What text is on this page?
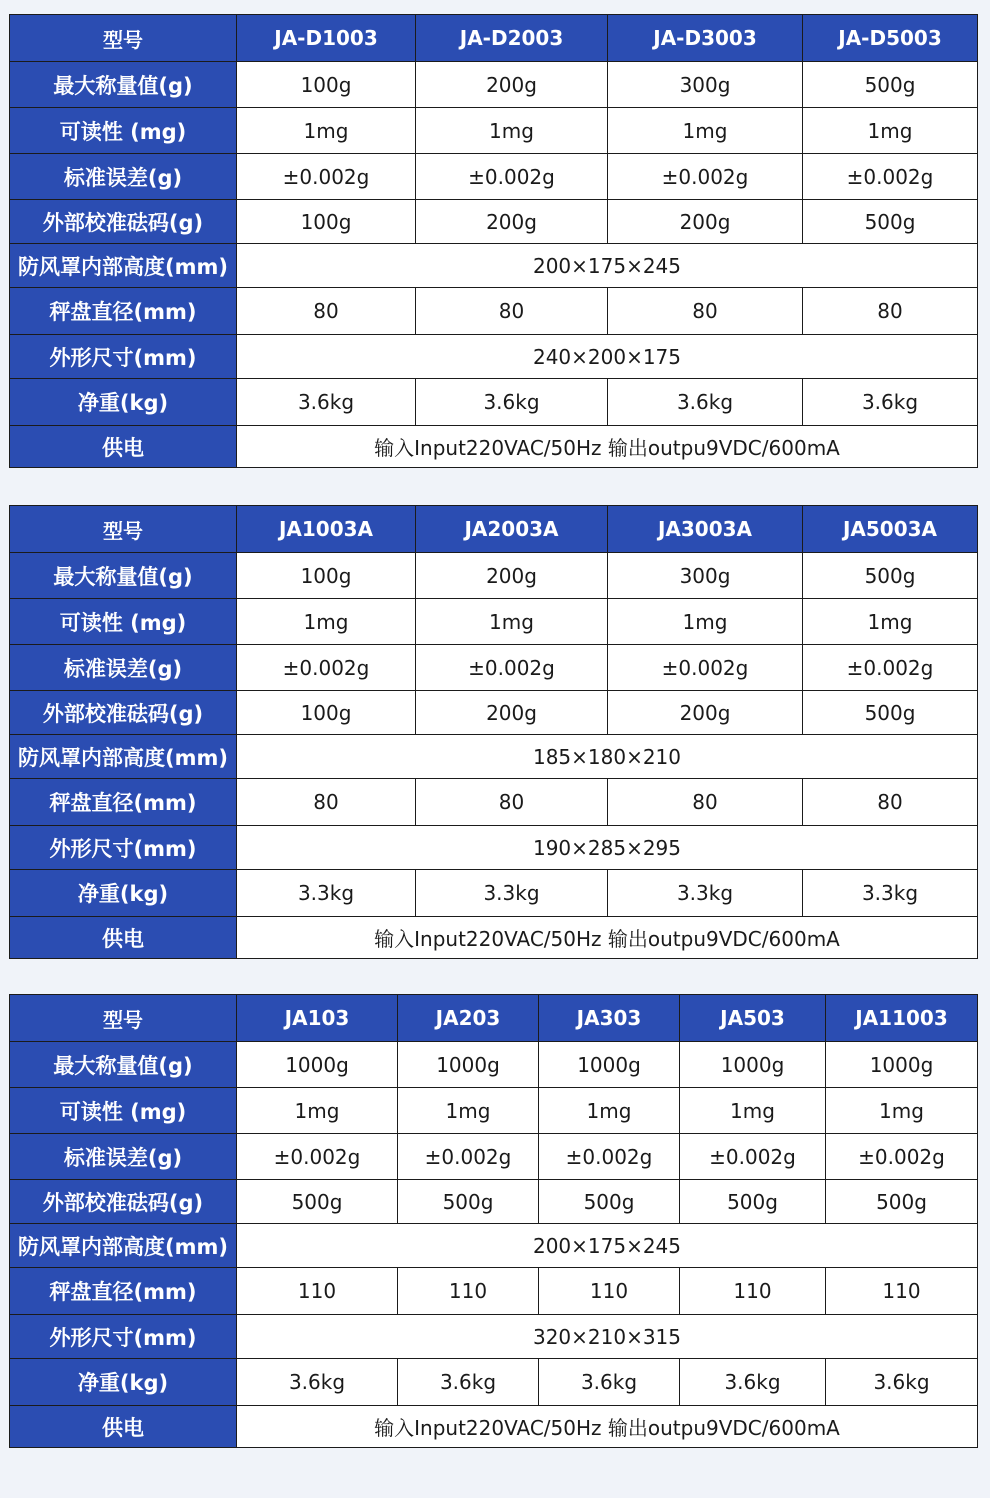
型号	JA-D1003	JA-D2003	JA-D3003	JA-D5003
最大称量值(g)	100g	200g	300g	500g
可读性 (mg)	1mg	1mg	1mg	1mg
标准误差(g)	±0.002g	±0.002g	±0.002g	±0.002g
外部校准砝码(g)	100g	200g	200g	500g
防风罩内部高度(mm)	200×175×245			
秤盘直径(mm)	80	80	80	80
外形尺寸(mm)	240×200×175			
净重(kg)	3.6kg	3.6kg	3.6kg	3.6kg
供电	输入Input220VAC/50Hz 输出outpu9VDC/600mA			
型号	JA1003A	JA2003A	JA3003A	JA5003A
最大称量值(g)	100g	200g	300g	500g
可读性 (mg)	1mg	1mg	1mg	1mg
标准误差(g)	±0.002g	±0.002g	±0.002g	±0.002g
外部校准砝码(g)	100g	200g	200g	500g
防风罩内部高度(mm)	185×180×210			
秤盘直径(mm)	80	80	80	80
外形尺寸(mm)	190×285×295			
净重(kg)	3.3kg	3.3kg	3.3kg	3.3kg
供电	输入Input220VAC/50Hz 输出outpu9VDC/600mA			
型号	JA103	JA203	JA303	JA503	JA11003
最大称量值(g)	1000g	1000g	1000g	1000g	1000g
可读性 (mg)	1mg	1mg	1mg	1mg	1mg
标准误差(g)	±0.002g	±0.002g	±0.002g	±0.002g	±0.002g
外部校准砝码(g)	500g	500g	500g	500g	500g
防风罩内部高度(mm)	200×175×245				
秤盘直径(mm)	110	110	110	110	110
外形尺寸(mm)	320×210×315				
净重(kg)	3.6kg	3.6kg	3.6kg	3.6kg	3.6kg
供电	输入Input220VAC/50Hz 输出outpu9VDC/600mA				
